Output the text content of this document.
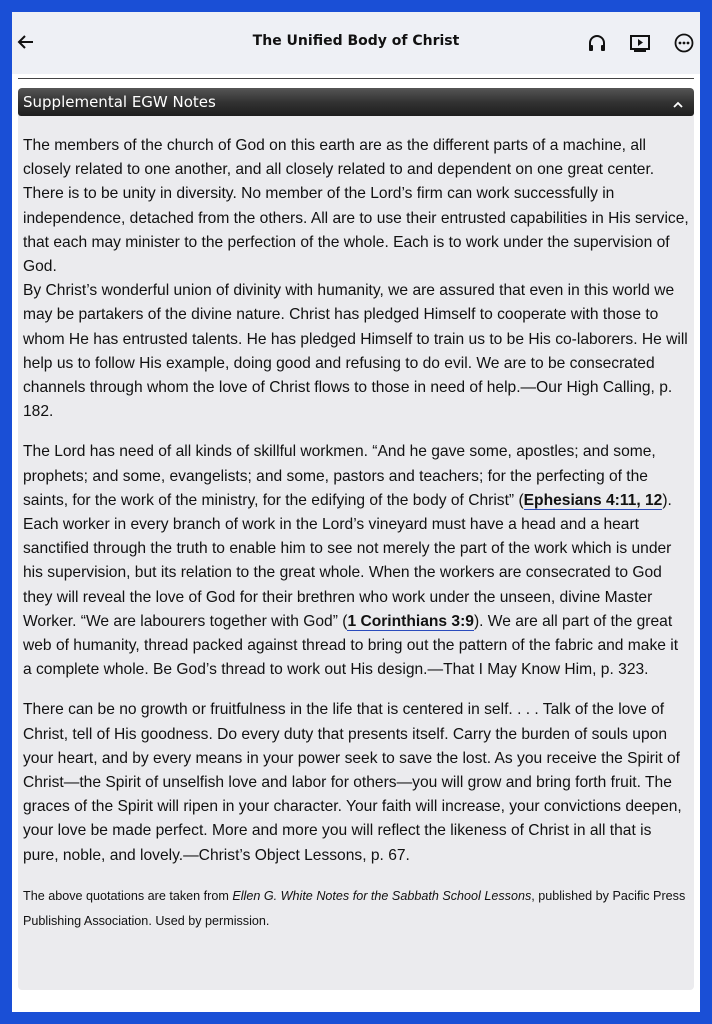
The Unified Body of Christ
Supplemental EGW Notes

The members of the church of God on this earth are as the different parts of a machine, all closely related to one another, and all closely related to and dependent on one great center. There is to be unity in diversity. No member of the Lord’s firm can work successfully in independence, detached from the others. All are to use their entrusted capabilities in His service, that each may minister to the perfection of the whole. Each is to work under the supervision of God.
By Christ’s wonderful union of divinity with humanity, we are assured that even in this world we may be partakers of the divine nature. Christ has pledged Himself to cooperate with those to whom He has entrusted talents. He has pledged Himself to train us to be His co-laborers. He will help us to follow His example, doing good and refusing to do evil. We are to be consecrated channels through whom the love of Christ flows to those in need of help.—Our High Calling, p. 182.

The Lord has need of all kinds of skillful workmen. “And he gave some, apostles; and some, prophets; and some, evangelists; and some, pastors and teachers; for the perfecting of the saints, for the work of the ministry, for the edifying of the body of Christ” (Ephesians 4:11, 12). Each worker in every branch of work in the Lord’s vineyard must have a head and a heart sanctified through the truth to enable him to see not merely the part of the work which is under his supervision, but its relation to the great whole. When the workers are consecrated to God they will reveal the love of God for their brethren who work under the unseen, divine Master Worker. “We are labourers together with God” (1 Corinthians 3:9). We are all part of the great web of humanity, thread packed against thread to bring out the pattern of the fabric and make it a complete whole. Be God’s thread to work out His design.—That I May Know Him, p. 323.

There can be no growth or fruitfulness in the life that is centered in self. . . . Talk of the love of Christ, tell of His goodness. Do every duty that presents itself. Carry the burden of souls upon your heart, and by every means in your power seek to save the lost. As you receive the Spirit of Christ—the Spirit of unselfish love and labor for others—you will grow and bring forth fruit. The graces of the Spirit will ripen in your character. Your faith will increase, your convictions deepen, your love be made perfect. More and more you will reflect the likeness of Christ in all that is pure, noble, and lovely.—Christ’s Object Lessons, p. 67.

The above quotations are taken from Ellen G. White Notes for the Sabbath School Lessons, published by Pacific Press Publishing Association. Used by permission.
